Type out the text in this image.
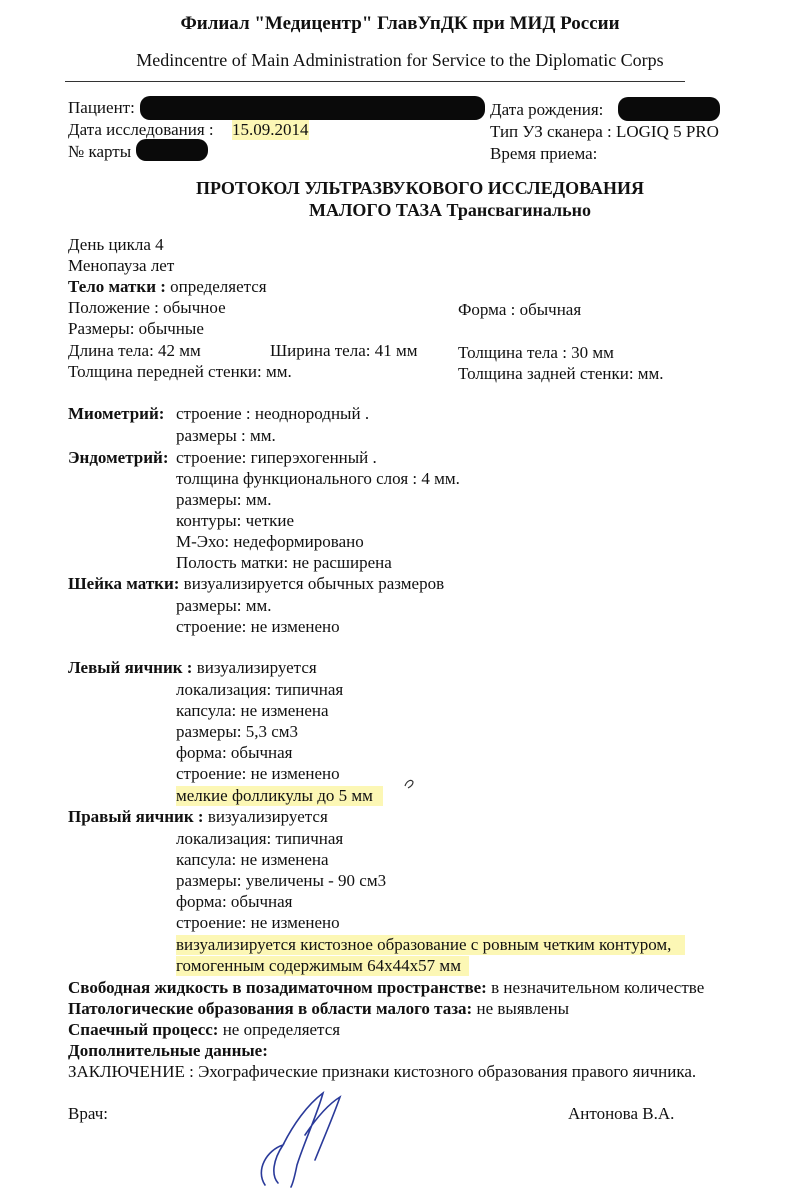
Филиал "Медицентр" ГлавУпДК при МИД России
Medincentre of Main Administration for Service to the Diplomatic Corps
Пациент:
Дата исследования : 15.09.2014
№ карты
Дата рождения:
Тип УЗ сканера : LOGIQ 5 PRO
Время приема:
ПРОТОКОЛ УЛЬТРАЗВУКОВОГО ИССЛЕДОВАНИЯ
МАЛОГО ТАЗА Трансвагинально
День цикла 4
Менопауза лет
Тело матки : определяется
Положение : обычное	Форма : обычная
Размеры: обычные
Длина тела: 42 мм	Ширина тела: 41 мм Толщина тела : 30 мм
Толщина передней стенки: мм.	Толщина задней стенки: мм.
Миометрий: строение : неоднородный .
размеры : мм.
Эндометрий: строение: гиперэхогенный .
толщина функционального слоя : 4 мм.
размеры: мм.
контуры: четкие
М-Эхо: недеформировано
Полость матки: не расширена
Шейка матки: визуализируется обычных размеров
размеры: мм.
строение: не изменено
Левый яичник : визуализируется
локализация: типичная
капсула: не изменена
размеры: 5,3 см3
форма: обычная
строение: не изменено
мелкие фолликулы до 5 мм
Правый яичник : визуализируется
локализация: типичная
капсула: не изменена
размеры: увеличены - 90 см3
форма: обычная
строение: не изменено
визуализируется кистозное образование с ровным четким контуром,
гомогенным содержимым 64х44х57 мм
Свободная жидкость в позадиматочном пространстве: в незначительном количестве
Патологические образования в области малого таза: не выявлены
Спаечный процесс: не определяется
Дополнительные данные:
ЗАКЛЮЧЕНИЕ : Эхографические признаки кистозного образования правого яичника.
Врач:	Антонова В.А.
